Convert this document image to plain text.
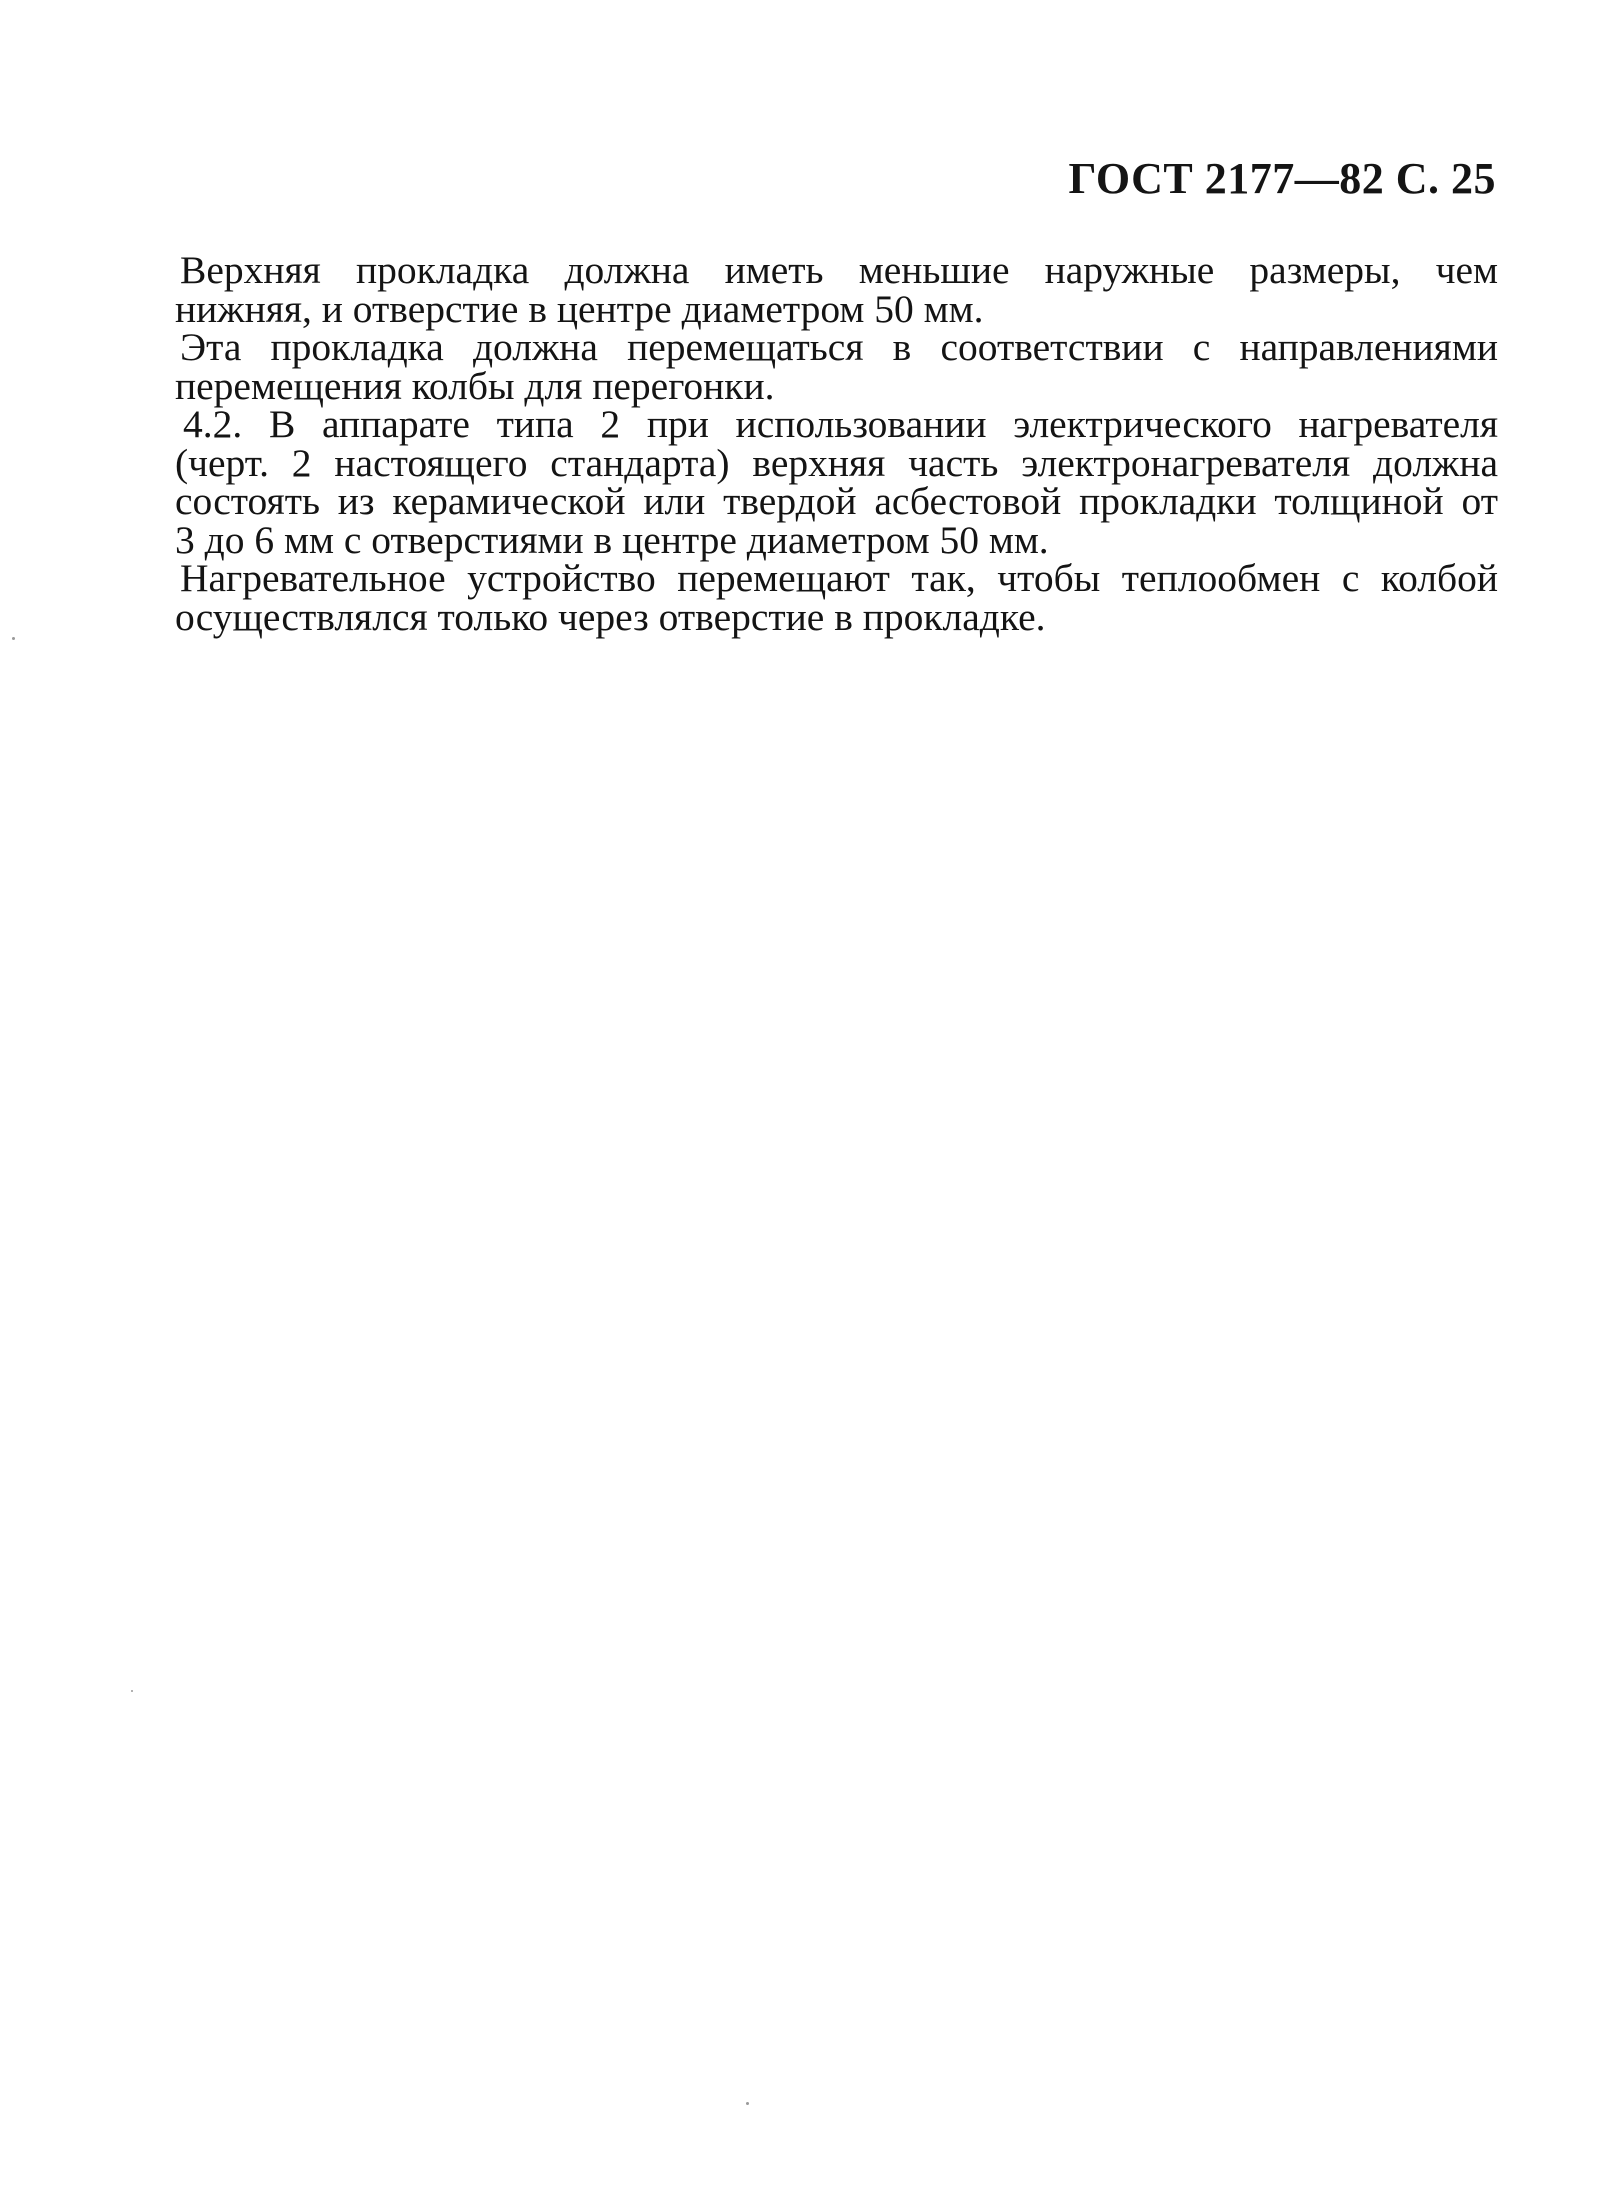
ГОСТ 2177—82 С. 25

Верхняя прокладка должна иметь меньшие наружные размеры, чем
нижняя, и отверстие в центре диаметром 50 мм.

Эта прокладка должна перемещаться в соответствии с направлениями
перемещения колбы для перегонки.

4.2. В аппарате типа 2 при использовании электрического нагревателя
(черт. 2 настоящего стандарта) верхняя часть электронагревателя должна
состоять из керамической или твердой асбестовой прокладки толщиной от
3 до 6 мм с отверстиями в центре диаметром 50 мм.

Нагревательное устройство перемещают так, чтобы теплообмен с колбой
осуществлялся только через отверстие в прокладке.
